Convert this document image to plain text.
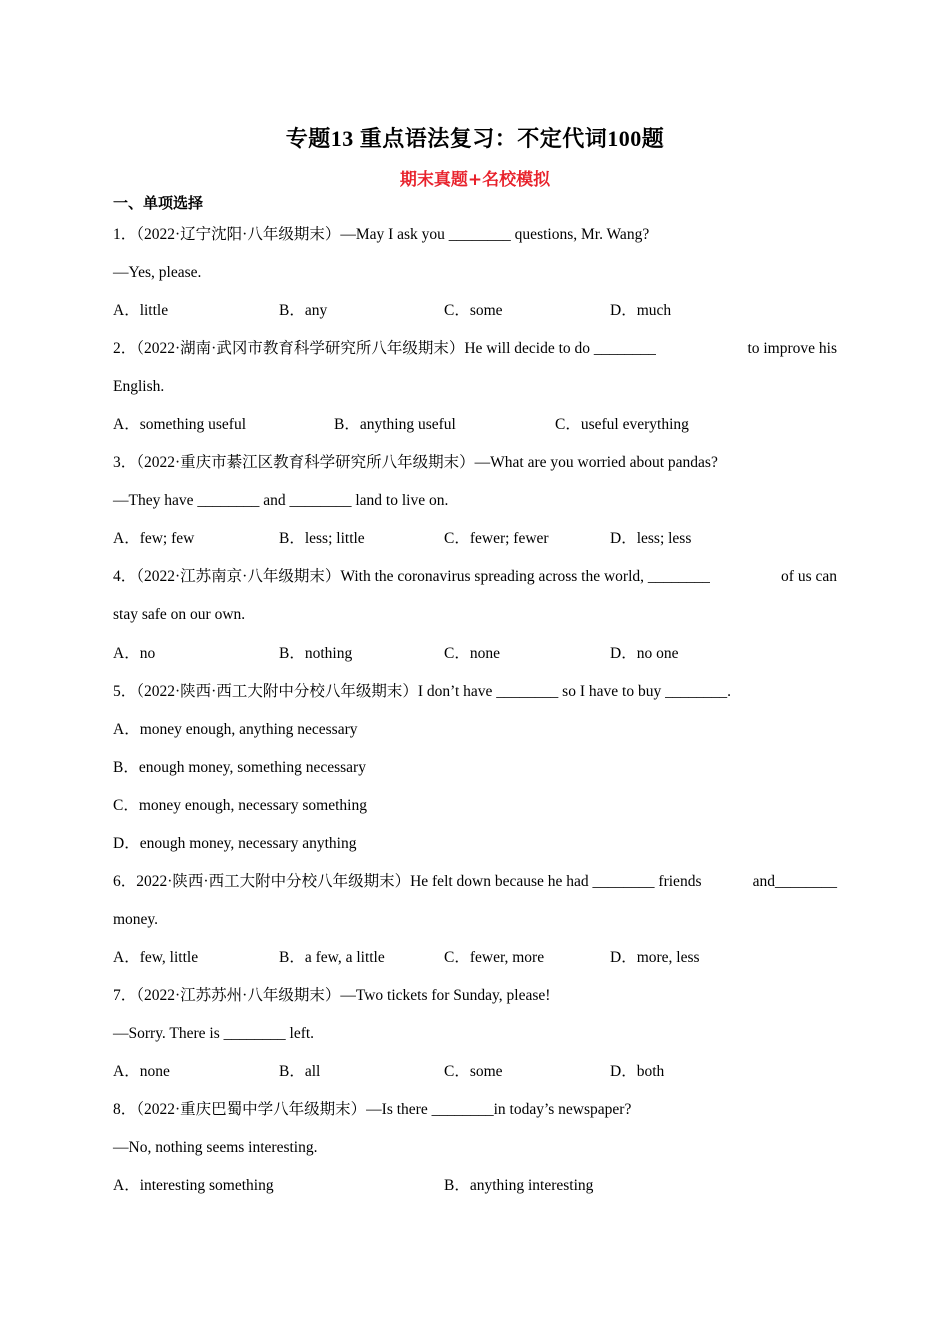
专题13 重点语法复习：不定代词100题
期末真题+名校模拟
一、单项选择
1．（2022·辽宁沈阳·八年级期末）—May I ask you ________ questions, Mr. Wang?
—Yes, please.
A．little	B．any	C．some	D．much
2．（2022·湖南·武冈市教育科学研究所八年级期末）He will decide to do ________	to improve his
English.
A．something useful	B．anything useful	C．useful everything
3．（2022·重庆市綦江区教育科学研究所八年级期末）—What are you worried about pandas?
—They have ________ and ________ land to live on.
A．few; few	B．less; little	C．fewer; fewer	D．less; less
4．（2022·江苏南京·八年级期末）With the coronavirus spreading across the world, ________	of us can
stay safe on our own.
A．no	B．nothing	C．none	D．no one
5．（2022·陕西·西工大附中分校八年级期末）I don’t have ________ so I have to buy ________.
A．money enough, anything necessary
B．enough money, something necessary
C．money enough, necessary something
D．enough money, necessary anything
6．2022·陕西·西工大附中分校八年级期末）He felt down because he had ________ friends	and________
money.
A．few, little	B．a few, a little	C．fewer, more	D．more, less
7．（2022·江苏苏州·八年级期末）—Two tickets for Sunday, please!
—Sorry. There is ________ left.
A．none	B．all	C．some	D．both
8．（2022·重庆巴蜀中学八年级期末）—Is there ________in today’s newspaper?
—No, nothing seems interesting.
A．interesting something	B．anything interesting
